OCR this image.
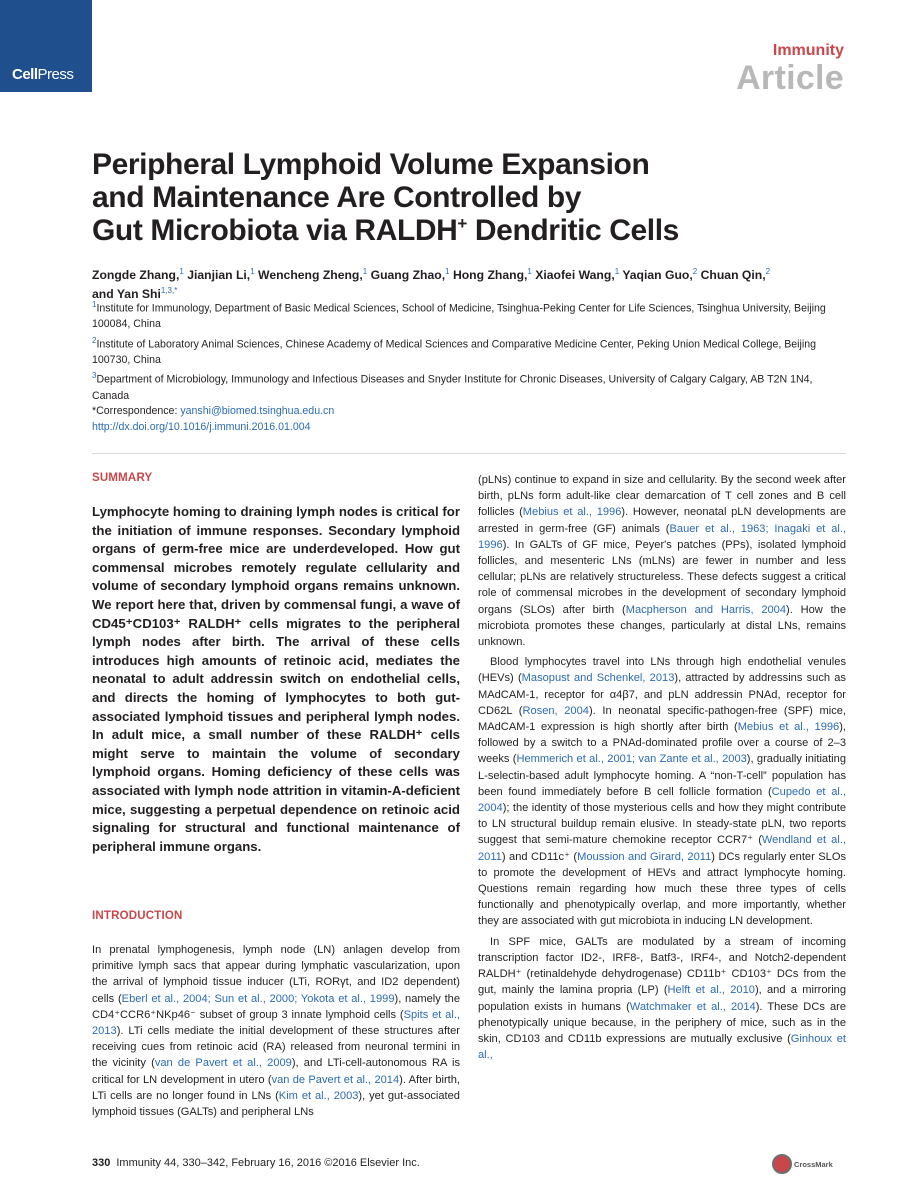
CellPress
Immunity
Article
Peripheral Lymphoid Volume Expansion
and Maintenance Are Controlled by
Gut Microbiota via RALDH+ Dendritic Cells
Zongde Zhang,$^1$ Jianjian Li,$^1$ Wencheng Zheng,$^1$ Guang Zhao,$^1$ Hong Zhang,$^1$ Xiaofei Wang,$^1$ Yaqian Guo,$^2$ Chuan Qin,$^2$
and Yan Shi$^{1,3,*}$
$^1$Institute for Immunology, Department of Basic Medical Sciences, School of Medicine, Tsinghua-Peking Center for Life Sciences, Tsinghua University, Beijing 100084, China
$^2$Institute of Laboratory Animal Sciences, Chinese Academy of Medical Sciences and Comparative Medicine Center, Peking Union Medical College, Beijing 100730, China
$^3$Department of Microbiology, Immunology and Infectious Diseases and Snyder Institute for Chronic Diseases, University of Calgary Calgary, AB T2N 1N4, Canada
*Correspondence: yanshi@biomed.tsinghua.edu.cn
http://dx.doi.org/10.1016/j.immuni.2016.01.004
SUMMARY

Lymphocyte homing to draining lymph nodes is critical for the initiation of immune responses. Secondary lymphoid organs of germ-free mice are underdeveloped. How gut commensal microbes remotely regulate cellularity and volume of secondary lymphoid organs remains unknown. We report here that, driven by commensal fungi, a wave of CD45⁺CD103⁺ RALDH⁺ cells migrates to the peripheral lymph nodes after birth. The arrival of these cells introduces high amounts of retinoic acid, mediates the neonatal to adult addressin switch on endothelial cells, and directs the homing of lymphocytes to both gut-associated lymphoid tissues and peripheral lymph nodes. In adult mice, a small number of these RALDH⁺ cells might serve to maintain the volume of secondary lymphoid organs. Homing deficiency of these cells was associated with lymph node attrition in vitamin-A-deficient mice, suggesting a perpetual dependence on retinoic acid signaling for structural and functional maintenance of peripheral immune organs.

INTRODUCTION

In prenatal lymphogenesis, lymph node (LN) anlagen develop from primitive lymph sacs that appear during lymphatic vascularization, upon the arrival of lymphoid tissue inducer (LTi, RORγt, and ID2 dependent) cells (Eberl et al., 2004; Sun et al., 2000; Yokota et al., 1999), namely the CD4⁺CCR6⁺NKp46⁻ subset of group 3 innate lymphoid cells (Spits et al., 2013). LTi cells mediate the initial development of these structures after receiving cues from retinoic acid (RA) released from neuronal termini in the vicinity (van de Pavert et al., 2009), and LTi-cell-autonomous RA is critical for LN development in utero (van de Pavert et al., 2014). After birth, LTi cells are no longer found in LNs (Kim et al., 2003), yet gut-associated lymphoid tissues (GALTs) and peripheral LNs

(pLNs) continue to expand in size and cellularity. By the second week after birth, pLNs form adult-like clear demarcation of T cell zones and B cell follicles (Mebius et al., 1996). However, neonatal pLN developments are arrested in germ-free (GF) animals (Bauer et al., 1963; Inagaki et al., 1996). In GALTs of GF mice, Peyer's patches (PPs), isolated lymphoid follicles, and mesenteric LNs (mLNs) are fewer in number and less cellular; pLNs are relatively structureless. These defects suggest a critical role of commensal microbes in the development of secondary lymphoid organs (SLOs) after birth (Macpherson and Harris, 2004). How the microbiota promotes these changes, particularly at distal LNs, remains unknown.

Blood lymphocytes travel into LNs through high endothelial venules (HEVs) (Masopust and Schenkel, 2013), attracted by addressins such as MAdCAM-1, receptor for α4β7, and pLN addressin PNAd, receptor for CD62L (Rosen, 2004). In neonatal specific-pathogen-free (SPF) mice, MAdCAM-1 expression is high shortly after birth (Mebius et al., 1996), followed by a switch to a PNAd-dominated profile over a course of 2–3 weeks (Hemmerich et al., 2001; van Zante et al., 2003), gradually initiating L-selectin-based adult lymphocyte homing. A “non-T-cell” population has been found immediately before B cell follicle formation (Cupedo et al., 2004); the identity of those mysterious cells and how they might contribute to LN structural buildup remain elusive. In steady-state pLN, two reports suggest that semi-mature chemokine receptor CCR7⁺ (Wendland et al., 2011) and CD11c⁺ (Moussion and Girard, 2011) DCs regularly enter SLOs to promote the development of HEVs and attract lymphocyte homing. Questions remain regarding how much these three types of cells functionally and phenotypically overlap, and more importantly, whether they are associated with gut microbiota in inducing LN development.

In SPF mice, GALTs are modulated by a stream of incoming transcription factor ID2-, IRF8-, Batf3-, IRF4-, and Notch2-dependent RALDH⁺ (retinaldehyde dehydrogenase) CD11b⁺ CD103⁺ DCs from the gut, mainly the lamina propria (LP) (Helft et al., 2010), and a mirroring population exists in humans (Watchmaker et al., 2014). These DCs are phenotypically unique because, in the periphery of mice, such as in the skin, CD103 and CD11b expressions are mutually exclusive (Ginhoux et al.,

330 Immunity 44, 330–342, February 16, 2016 ©2016 Elsevier Inc.	CrossMark
